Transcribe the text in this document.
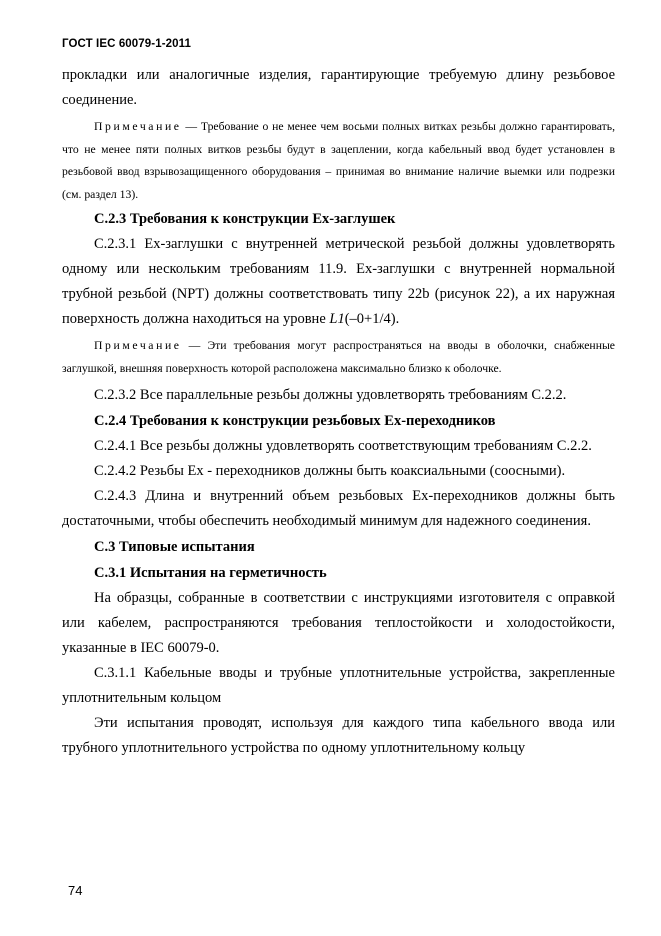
ГОСТ IEC 60079-1-2011

прокладки или аналогичные изделия, гарантирующие требуемую длину резьбовое соединение.

Примечание — Требование о не менее чем восьми полных витках резьбы должно гарантировать, что не менее пяти полных витков резьбы будут в зацеплении, когда кабельный ввод будет установлен в резьбовой ввод взрывозащищенного оборудования – принимая во внимание наличие выемки или подрезки (см. раздел 13).

С.2.3 Требования к конструкции Ех-заглушек

С.2.3.1 Ех-заглушки с внутренней метрической резьбой должны удовлетворять одному или нескольким требованиям 11.9. Ех-заглушки с внутренней нормальной трубной резьбой (NPT) должны соответствовать типу 22b (рисунок 22), а их наружная поверхность должна находиться на уровне L1(–0+1/4).

Примечание — Эти требования могут распространяться на вводы в оболочки, снабженные заглушкой, внешняя поверхность которой расположена максимально близко к оболочке.

С.2.3.2 Все параллельные резьбы должны удовлетворять требованиям С.2.2.

С.2.4 Требования к конструкции резьбовых Ех-переходников

С.2.4.1 Все резьбы должны удовлетворять соответствующим требованиям С.2.2.

С.2.4.2 Резьбы Ех - переходников должны быть коаксиальными (соосными).

С.2.4.3 Длина и внутренний объем резьбовых Ех-переходников должны быть достаточными, чтобы обеспечить необходимый минимум для надежного соединения.

С.3 Типовые испытания

С.3.1 Испытания на герметичность

На образцы, собранные в соответствии с инструкциями изготовителя с оправкой или кабелем, распространяются требования теплостойкости и холодостойкости, указанные в IEC 60079-0.

С.3.1.1 Кабельные вводы и трубные уплотнительные устройства, закрепленные уплотнительным кольцом

Эти испытания проводят, используя для каждого типа кабельного ввода или трубного уплотнительного устройства по одному уплотнительному кольцу

74
